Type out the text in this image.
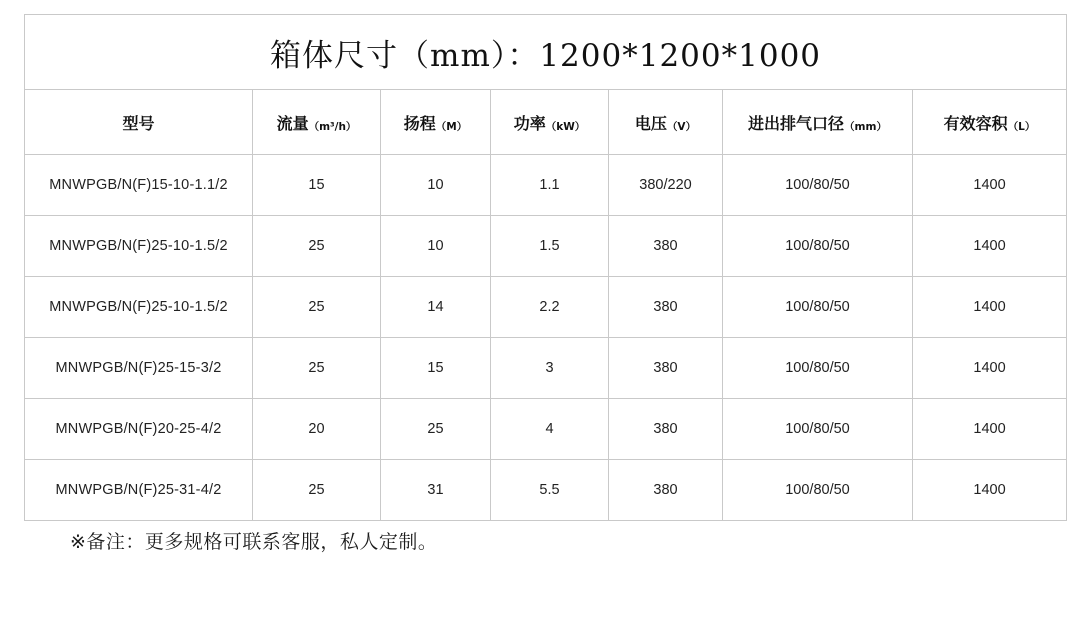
箱体尺寸（mm）：1200*1200*1000						
型号	流量（m³/h）	扬程（M）	功率（kW）	电压（V）	进出排气口径（mm）	有效容积（L）
MNWPGB/N(F)15-10-1.1/2	15	10	1.1	380/220	100/80/50	1400
MNWPGB/N(F)25-10-1.5/2	25	10	1.5	380	100/80/50	1400
MNWPGB/N(F)25-10-1.5/2	25	14	2.2	380	100/80/50	1400
MNWPGB/N(F)25-15-3/2	25	15	3	380	100/80/50	1400
MNWPGB/N(F)20-25-4/2	20	25	4	380	100/80/50	1400
MNWPGB/N(F)25-31-4/2	25	31	5.5	380	100/80/50	1400
※备注：更多规格可联系客服，私人定制。
